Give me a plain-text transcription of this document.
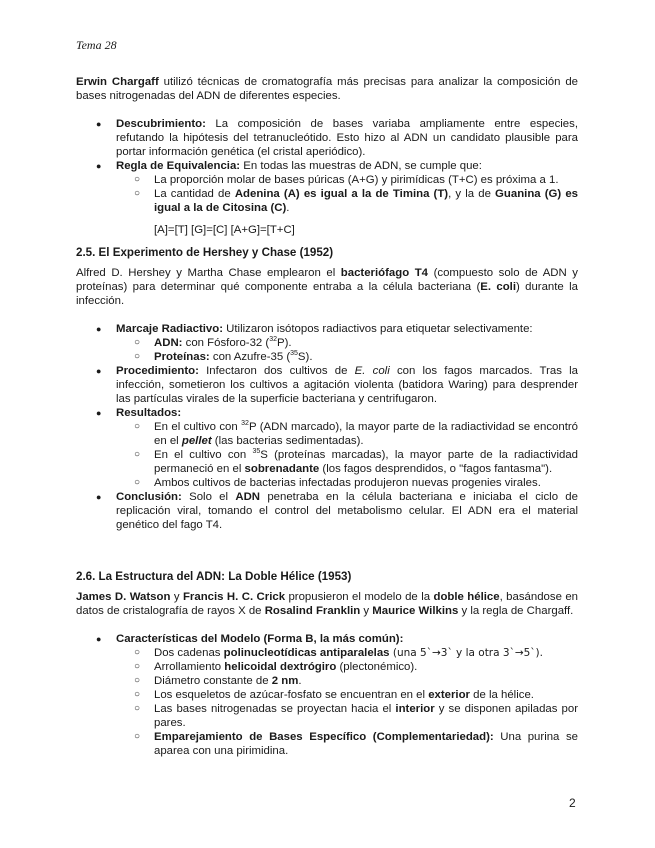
Tema 28

Erwin Chargaff utilizó técnicas de cromatografía más precisas para analizar la composición de bases nitrogenadas del ADN de diferentes especies.

● Descubrimiento: La composición de bases variaba ampliamente entre especies, refutando la hipótesis del tetranucleótido. Esto hizo al ADN un candidato plausible para portar información genética (el cristal aperiódico).
● Regla de Equivalencia: En todas las muestras de ADN, se cumple que:
○ La proporción molar de bases púricas (A+G) y pirimídicas (T+C) es próxima a 1.
○ La cantidad de Adenina (A) es igual a la de Timina (T), y la de Guanina (G) es igual a la de Citosina (C).

[A]=[T] [G]=[C] [A+G]=[T+C]

2.5. El Experimento de Hershey y Chase (1952)

Alfred D. Hershey y Martha Chase emplearon el bacteriófago T4 (compuesto solo de ADN y proteínas) para determinar qué componente entraba a la célula bacteriana (E. coli) durante la infección.

● Marcaje Radiactivo: Utilizaron isótopos radiactivos para etiquetar selectivamente:
○ ADN: con Fósforo-32 ($^{32}$P).
○ Proteínas: con Azufre-35 ($^{35}$S).
● Procedimiento: Infectaron dos cultivos de E. coli con los fagos marcados. Tras la infección, sometieron los cultivos a agitación violenta (batidora Waring) para desprender las partículas virales de la superficie bacteriana y centrifugaron.
● Resultados:
○ En el cultivo con $^{32}$P (ADN marcado), la mayor parte de la radiactividad se encontró en el pellet (las bacterias sedimentadas).
○ En el cultivo con $^{35}$S (proteínas marcadas), la mayor parte de la radiactividad permaneció en el sobrenadante (los fagos desprendidos, o "fagos fantasma").
○ Ambos cultivos de bacterias infectadas produjeron nuevas progenies virales.
● Conclusión: Solo el ADN penetraba en la célula bacteriana e iniciaba el ciclo de replicación viral, tomando el control del metabolismo celular. El ADN era el material genético del fago T4.
2.6. La Estructura del ADN: La Doble Hélice (1953)

James D. Watson y Francis H. C. Crick propusieron el modelo de la doble hélice, basándose en datos de cristalografía de rayos X de Rosalind Franklin y Maurice Wilkins y la regla de Chargaff.

● Características del Modelo (Forma B, la más común):
○ Dos cadenas polinucleotídicas antiparalelas (una 5`→3` y la otra 3`→5`).
○ Arrollamiento helicoidal dextrógiro (plectonémico).
○ Diámetro constante de 2 nm.
○ Los esqueletos de azúcar-fosfato se encuentran en el exterior de la hélice.
○ Las bases nitrogenadas se proyectan hacia el interior y se disponen apiladas por pares.
○ Emparejamiento de Bases Específico (Complementariedad): Una purina se aparea con una pirimidina.
2
